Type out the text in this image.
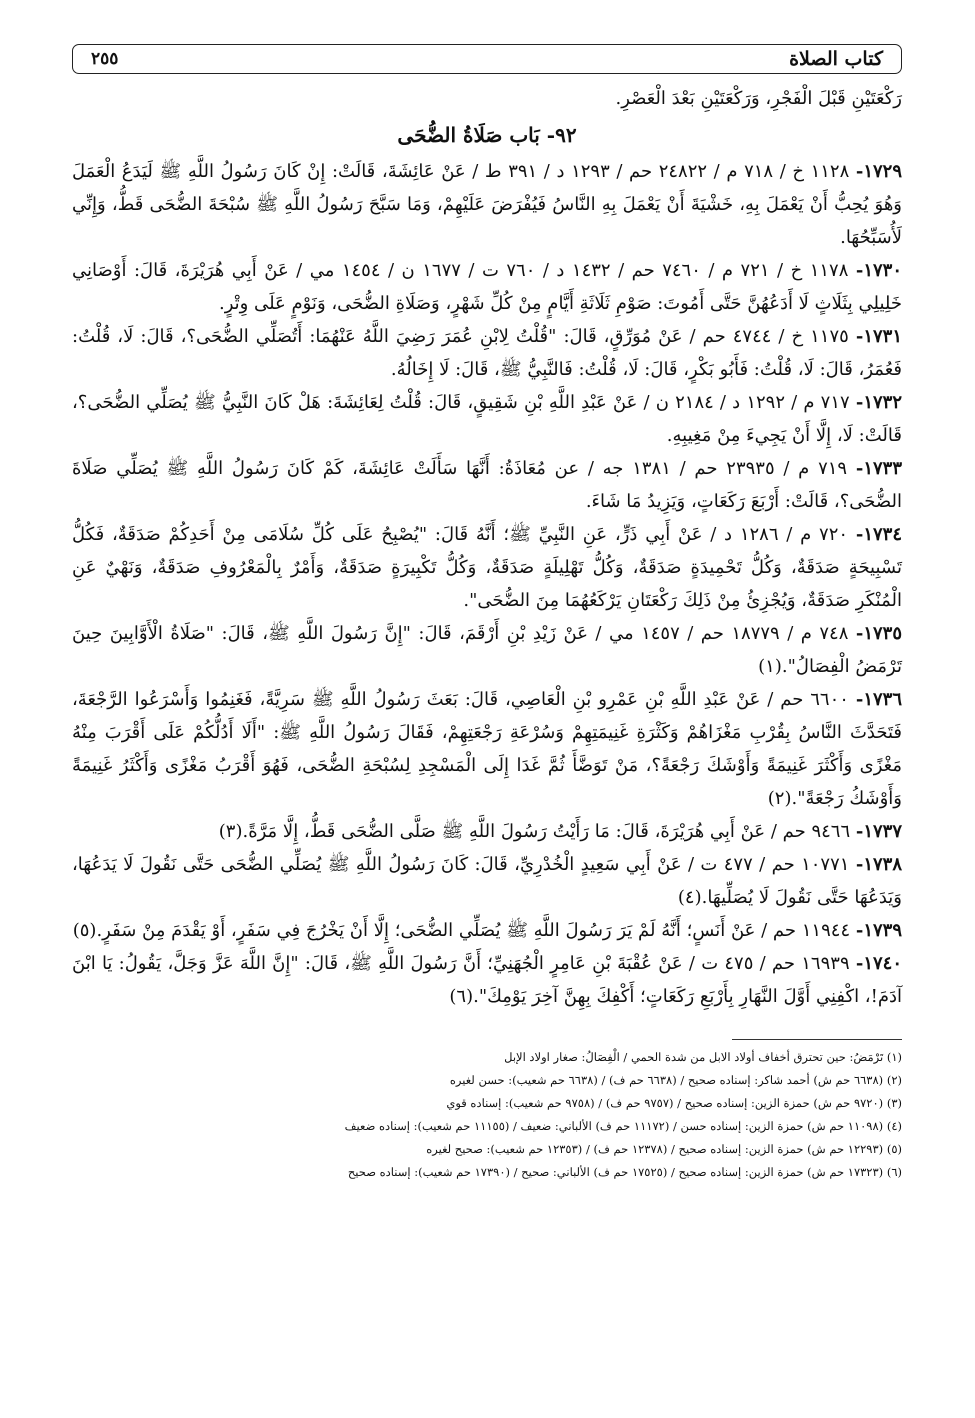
كتاب الصلاة
٢٥٥

رَكْعَتَيْنِ قَبْلَ الْفَجْرِ، وَرَكْعَتَيْنِ بَعْدَ الْعَصْرِ.

٩٢- بَاب صَلَاةُ الضُّحَى

١٧٢٩- ١١٢٨ خ / ٧١٨ م / ٢٤٨٢٢ حم / ١٢٩٣ د / ٣٩١ ط / عَنْ عَائِشَةَ، قَالَتْ: إِنْ كَانَ رَسُولُ اللَّهِ ﷺ لَيَدَعُ الْعَمَلَ وَهُوَ يُحِبُّ أَنْ يَعْمَلَ بِهِ، خَشْيَةَ أَنْ يَعْمَلَ بِهِ النَّاسُ فَيُفْرَضَ عَلَيْهِمْ، وَمَا سَبَّحَ رَسُولُ اللَّهِ ﷺ سُبْحَةَ الضُّحَى قَطُّ، وَإِنِّي لَأُسَبِّحُهَا.

١٧٣٠- ١١٧٨ خ / ٧٢١ م / ٧٤٦٠ حم / ١٤٣٢ د / ٧٦٠ ت / ١٦٧٧ ن / ١٤٥٤ مي / عَنْ أَبِي هُرَيْرَةَ، قَالَ: أَوْصَانِي خَلِيلِي بِثَلَاثٍ لَا أَدَعُهُنَّ حَتَّى أَمُوتَ: صَوْمِ ثَلَاثَةِ أَيَّامٍ مِنْ كُلِّ شَهْرٍ، وَصَلَاةِ الضُّحَى، وَنَوْمٍ عَلَى وِتْرٍ.

١٧٣١- ١١٧٥ خ / ٤٧٤٤ حم / عَنْ مُوَرِّقٍ، قَالَ: "قُلْتُ لِابْنِ عُمَرَ رَضِيَ اللَّهُ عَنْهُمَا: أَتُصَلِّي الضُّحَى؟، قَالَ: لَا، قُلْتُ: فَعُمَرُ، قَالَ: لَا، قُلْتُ: فَأَبُو بَكْرٍ، قَالَ: لَا، قُلْتُ: فَالنَّبِيُّ ﷺ، قَالَ: لَا إِخَالُهُ.

١٧٣٢- ٧١٧ م / ١٢٩٢ د / ٢١٨٤ ن / عَنْ عَبْدِ اللَّهِ بْنِ شَقِيقٍ، قَالَ: قُلْتُ لِعَائِشَةَ: هَلْ كَانَ النَّبِيُّ ﷺ يُصَلِّي الضُّحَى؟، قَالَتْ: لَا، إِلَّا أَنْ يَجِيءَ مِنْ مَغِيبِهِ.

١٧٣٣- ٧١٩ م / ٢٣٩٣٥ حم / ١٣٨١ جه / عن مُعَاذَةُ: أَنَّهَا سَأَلَتْ عَائِشَةَ، كَمْ كَانَ رَسُولُ اللَّهِ ﷺ يُصَلِّي صَلَاةَ الضُّحَى؟، قَالَتْ: أَرْبَعَ رَكَعَاتٍ، وَيَزِيدُ مَا شَاءَ.

١٧٣٤- ٧٢٠ م / ١٢٨٦ د / عَنْ أَبِي ذَرٍّ، عَنِ النَّبِيِّ ﷺ؛ أَنَّهُ قَالَ: "يُصْبِحُ عَلَى كُلِّ سُلَامَى مِنْ أَحَدِكُمْ صَدَقَةٌ، فَكُلُّ تَسْبِيحَةٍ صَدَقَةٌ، وَكُلُّ تَحْمِيدَةٍ صَدَقَةٌ، وَكُلُّ تَهْلِيلَةٍ صَدَقَةٌ، وَكُلُّ تَكْبِيرَةٍ صَدَقَةٌ، وَأَمْرٌ بِالْمَعْرُوفِ صَدَقَةٌ، وَنَهْيٌ عَنِ الْمُنْكَرِ صَدَقَةٌ، وَيُجْزِئُ مِنْ ذَلِكَ رَكْعَتَانِ يَرْكَعُهُمَا مِنَ الضُّحَى".

١٧٣٥- ٧٤٨ م / ١٨٧٧٩ حم / ١٤٥٧ مي / عَنْ زَيْدِ بْنِ أَرْقَمَ، قَالَ: "إِنَّ رَسُولَ اللَّهِ ﷺ، قَالَ: "صَلَاةُ الْأَوَّابِينَ حِينَ تَرْمَضُ الْفِصَالُ".(١)

١٧٣٦- ٦٦٠٠ حم / عَنْ عَبْدِ اللَّهِ بْنِ عَمْرِو بْنِ الْعَاصِي، قَالَ: بَعَثَ رَسُولُ اللَّهِ ﷺ سَرِيَّةً، فَغَنِمُوا وَأَسْرَعُوا الرَّجْعَةَ، فَتَحَدَّثَ النَّاسُ بِقُرْبِ مَغْزَاهُمْ وَكَثْرَةِ غَنِيمَتِهِمْ وَسُرْعَةِ رَجْعَتِهِمْ، فَقَالَ رَسُولُ اللَّهِ ﷺ: "أَلَا أَدُلُّكُمْ عَلَى أَقْرَبَ مِنْهُ مَغْزًى وَأَكْثَرَ غَنِيمَةً وَأَوْشَكَ رَجْعَةً؟، مَنْ تَوَضَّأَ ثُمَّ غَدَا إِلَى الْمَسْجِدِ لِسُبْحَةِ الضُّحَى، فَهُوَ أَقْرَبُ مَغْزًى وَأَكْثَرُ غَنِيمَةً وَأَوْشَكُ رَجْعَةً".(٢)

١٧٣٧- ٩٤٦٦ حم / عَنْ أَبِي هُرَيْرَةَ، قَالَ: مَا رَأَيْتُ رَسُولَ اللَّهِ ﷺ صَلَّى الضُّحَى قَطُّ، إِلَّا مَرَّةً.(٣)

١٧٣٨- ١٠٧٧١ حم / ٤٧٧ ت / عَنْ أَبِي سَعِيدٍ الْخُدْرِيِّ، قَالَ: كَانَ رَسُولُ اللَّهِ ﷺ يُصَلِّي الضُّحَى حَتَّى نَقُولَ لَا يَدَعُهَا، وَيَدَعُهَا حَتَّى نَقُولَ لَا يُصَلِّيهَا.(٤)

١٧٣٩- ١١٩٤٤ حم / عَنْ أَنَسٍ؛ أَنَّهُ لَمْ يَرَ رَسُولَ اللَّهِ ﷺ يُصَلِّي الضُّحَى؛ إِلَّا أَنْ يَخْرُجَ فِي سَفَرٍ، أَوْ يَقْدَمَ مِنْ سَفَرٍ.(٥)

١٧٤٠- ١٦٩٣٩ حم / ٤٧٥ ت / عَنْ عُقْبَةَ بْنِ عَامِرٍ الْجُهَنِيِّ؛ أَنَّ رَسُولَ اللَّهِ ﷺ، قَالَ: "إِنَّ اللَّهَ عَزَّ وَجَلَّ، يَقُولُ: يَا ابْنَ آدَمَ!، اكْفِنِي أَوَّلَ النَّهَارِ بِأَرْبَعِ رَكَعَاتٍ؛ أَكْفِكَ بِهِنَّ آخِرَ يَوْمِكَ".(٦)

(١) تَرْمَضُ: حين تحترق أخفاف أولاد الابل من شدة الحمي / الْفِصَالُ: صغار اولاد الإبل

(٢) (٦٦٣٨ حم ش) أحمد شاكر: إسناده صحيح / (٦٦٣٨ حم ف) / (٦٦٣٨ حم شعيب): حسن لغيره

(٣) (٩٧٢٠ حم ش) حمزة الزين: إسناده صحيح / (٩٧٥٧ حم ف) / (٩٧٥٨ حم شعيب): إسناده قوي

(٤) (١١٠٩٨ حم ش) حمزة الزين: إسناده حسن / (١١١٧٢ حم ف) الألباني: ضعيف / (١١١٥٥ حم شعيب): إسناده ضعيف

(٥) (١٢٢٩٣ حم ش) حمزة الزين: إسناده صحيح / (١٢٣٧٨ حم ف) / (١٢٣٥٣ حم شعيب): صحيح لغيره

(٦) (١٧٣٢٣ حم ش) حمزة الزين: إسناده صحيح / (١٧٥٢٥ حم ف) الألباني: صحيح / (١٧٣٩٠ حم شعيب): إسناده صحيح
